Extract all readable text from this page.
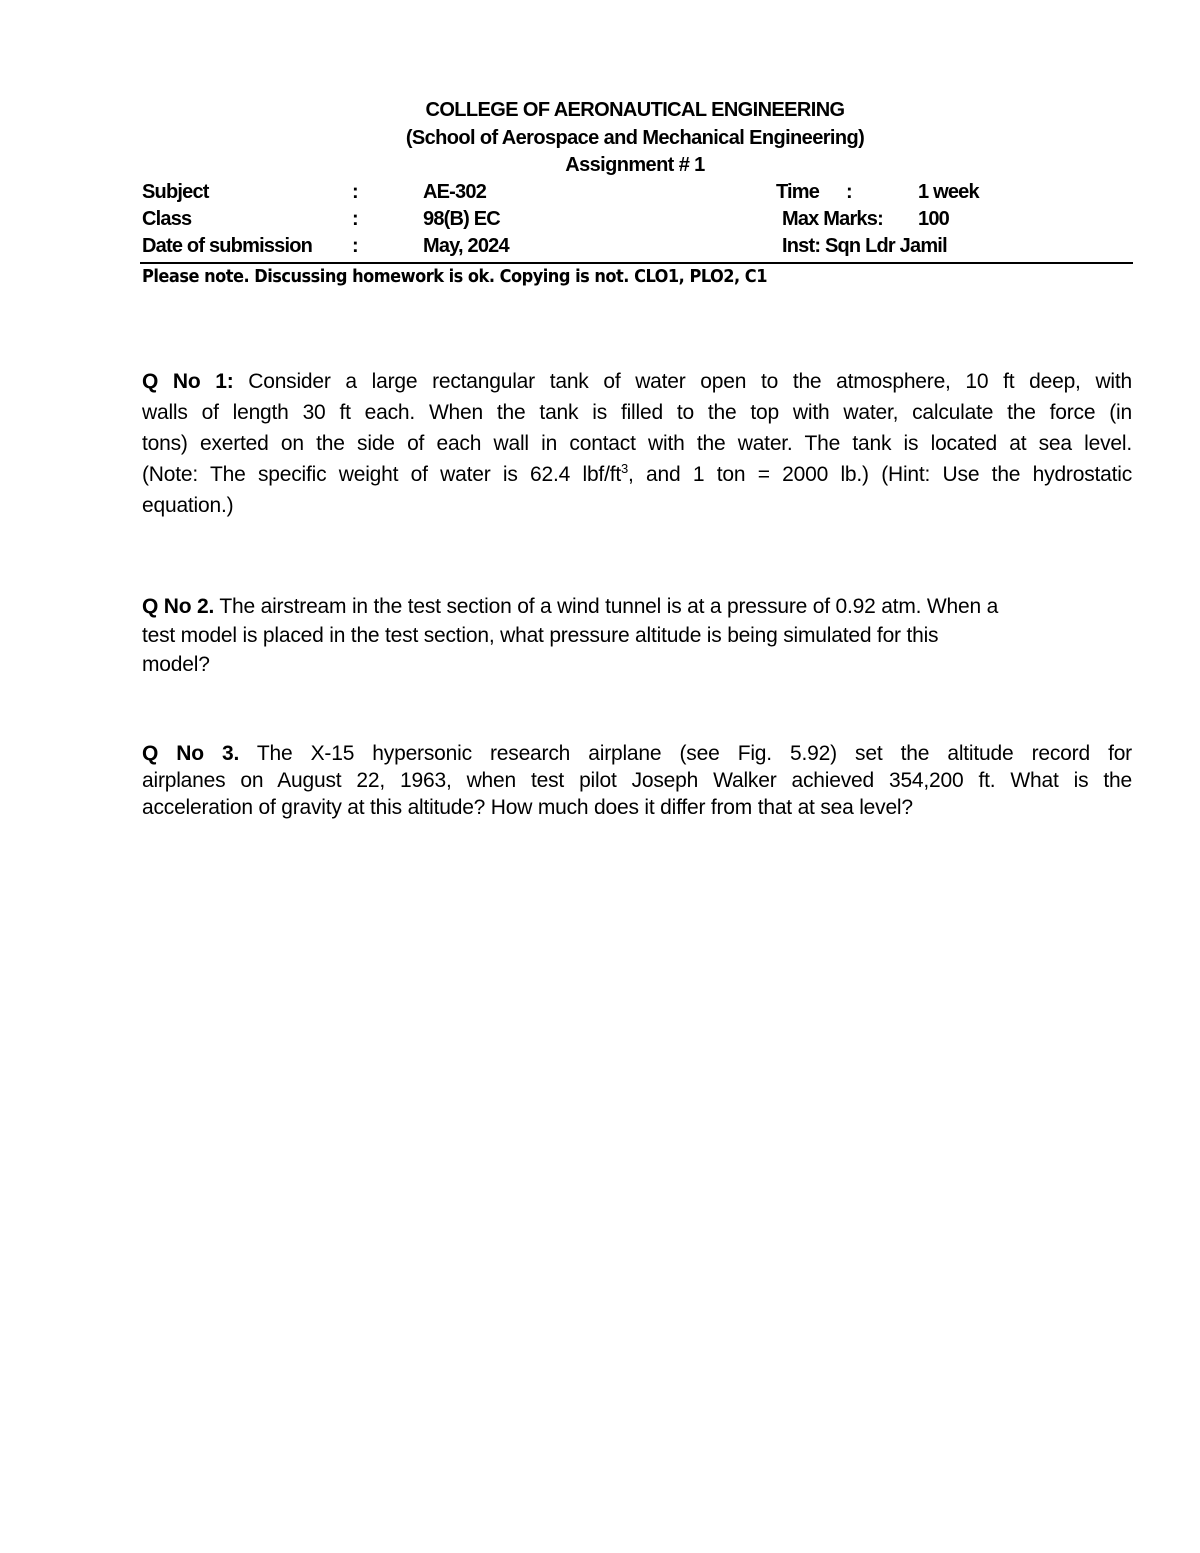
COLLEGE OF AERONAUTICAL ENGINEERING
(School of Aerospace and Mechanical Engineering)
Assignment # 1
Subject	:	AE-302	Time :	1 week
Class	:	98(B) EC	Max Marks: 100
Date of submission :	May, 2024	Inst: Sqn Ldr Jamil
Please note. Discussing homework is ok. Copying is not. CLO1, PLO2, C1
Q No 1: Consider a large rectangular tank of water open to the atmosphere, 10 ft deep, with
walls of length 30 ft each. When the tank is filled to the top with water, calculate the force (in
tons) exerted on the side of each wall in contact with the water. The tank is located at sea level.
(Note: The specific weight of water is 62.4 lbf/$ft^3$, and 1 ton = 2000 lb.) (Hint: Use the hydrostatic
equation.)
Q No 2. The airstream in the test section of a wind tunnel is at a pressure of 0.92 atm. When a
test model is placed in the test section, what pressure altitude is being simulated for this
model?
Q No 3. The X-15 hypersonic research airplane (see Fig. 5.92) set the altitude record for
airplanes on August 22, 1963, when test pilot Joseph Walker achieved 354,200 ft. What is the
acceleration of gravity at this altitude? How much does it differ from that at sea level?
